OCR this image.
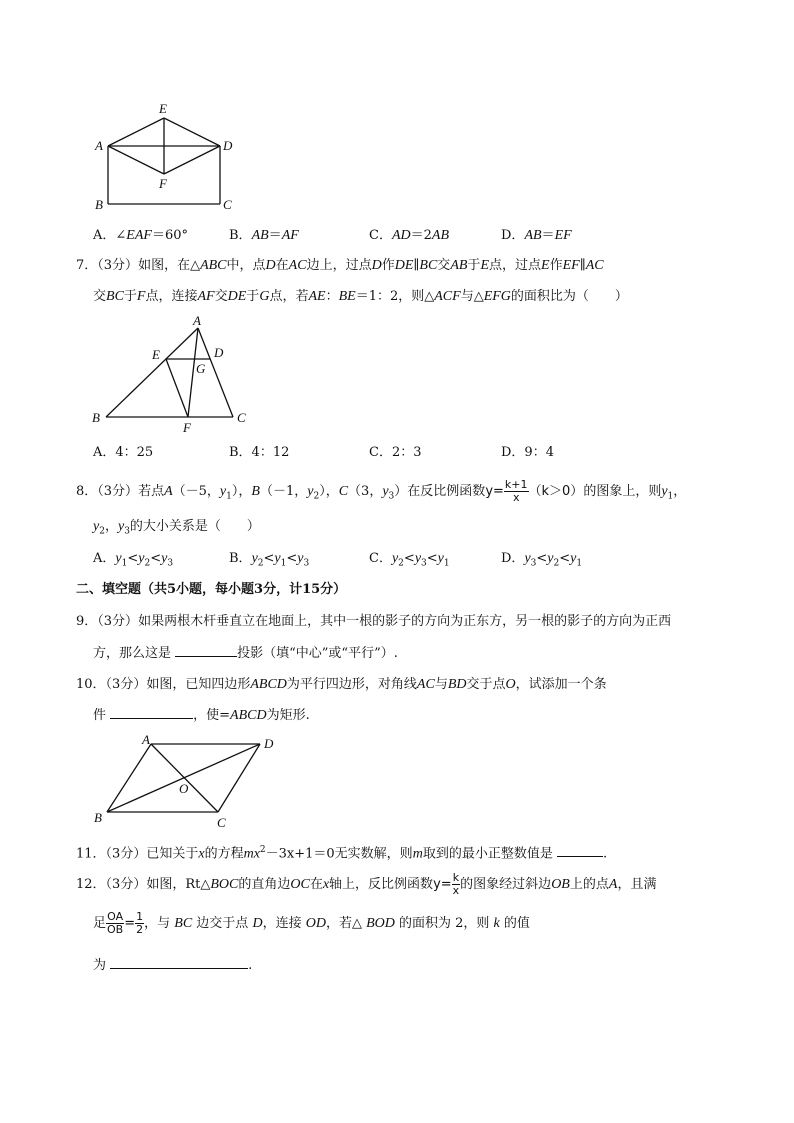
E
A	D
F
B	C
A．∠EAF＝60°	B．AB＝AF	C．AD＝2AB	D．AB＝EF
7．（3分）如图，在△ABC中，点D在AC边上，过点D作DE∥BC交AB于E点，过点E作EF∥AC
交BC于F点，连接AF交DE于G点，若AE：BE＝1：2，则△ACF与△EFG的面积比为（　　）
A
E	D
G
B
F
C
A．4：25	B．4：12	C．2：3	D．9：4
8．（3分）若点A（－5，$y_1$），B（－1，$y_2$），C（3，$y_3$）在反比例函数$y= \frac{k+1}{x} (k>0)$的图象上，则$y_1$，
$y_2$，$y_3$的大小关系是（　　）
A．$y_1<y_2<y_3$	B．$y_2<y_1<y_3$	C．$y_2<y_3<y_1$	D．$y_3<y_2<y_1$
二、填空题（共5小题，每小题3分，计15分）
9．（3分）如果两根木杆垂直立在地面上，其中一根的影子的方向为正东方，另一根的影子的方向为正西
方，那么这是	投影（填“中心”或“平行”）.
10．（3分）如图，已知四边形ABCD为平行四边形，对角线AC与BD交于点O，试添加一个条
件	，使=ABCD为矩形.
A	D
O
B	C
11．（3分）已知关于x的方程$mx^2-3x+1=0$无实数解，则m取到的最小正整数值是	.
12．（3分）如图，Rt△BOC的直角边OC在x轴上，反比例函数$y= \frac{k}{x}$ 的图象经过斜边OB上的点A，且满
足 $\frac{OA}{OB} = \frac{1}{2}$ ，与 BC 边交于点 D，连接 OD，若△ BOD 的面积为 2，则 k 的值
为	.
